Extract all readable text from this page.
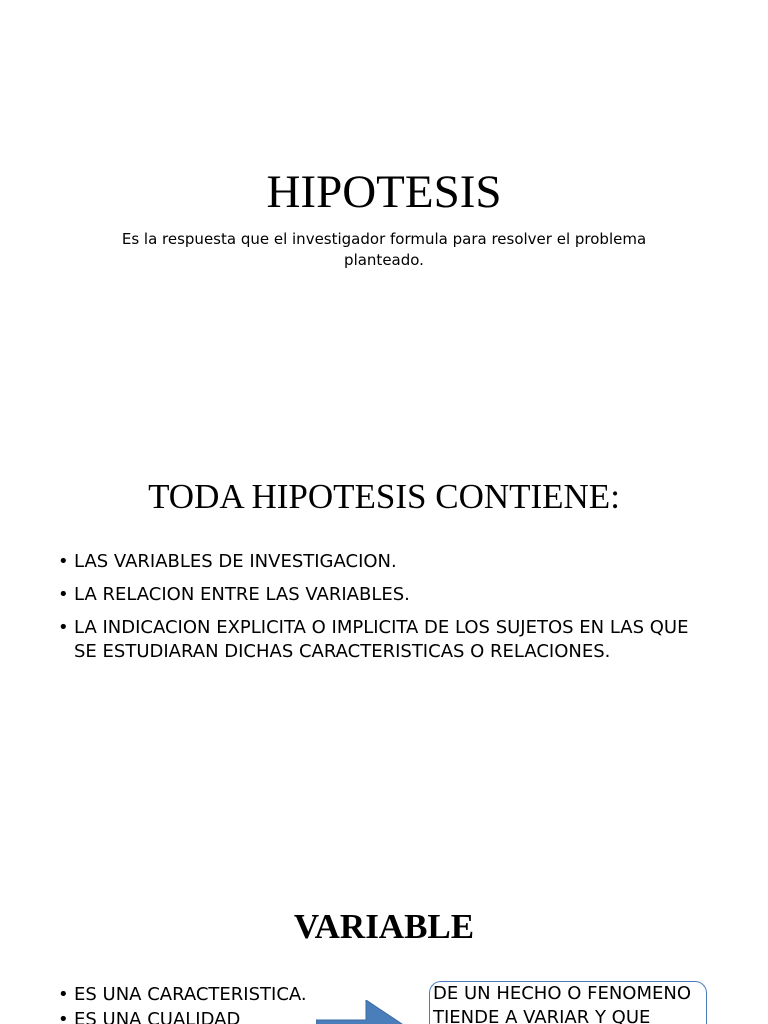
HIPOTESIS
Es la respuesta que el investigador formula para resolver el problema planteado.
TODA HIPOTESIS CONTIENE:
• LAS VARIABLES DE INVESTIGACION.
• LA RELACION ENTRE LAS VARIABLES.
• LA INDICACION EXPLICITA O IMPLICITA DE LOS SUJETOS EN LAS QUE SE ESTUDIARAN DICHAS CARACTERISTICAS O RELACIONES.
VARIABLE
• ES UNA CARACTERISTICA.
• ES UNA CUALIDAD
DE UN HECHO O FENOMENO
TIENDE A VARIAR Y QUE
